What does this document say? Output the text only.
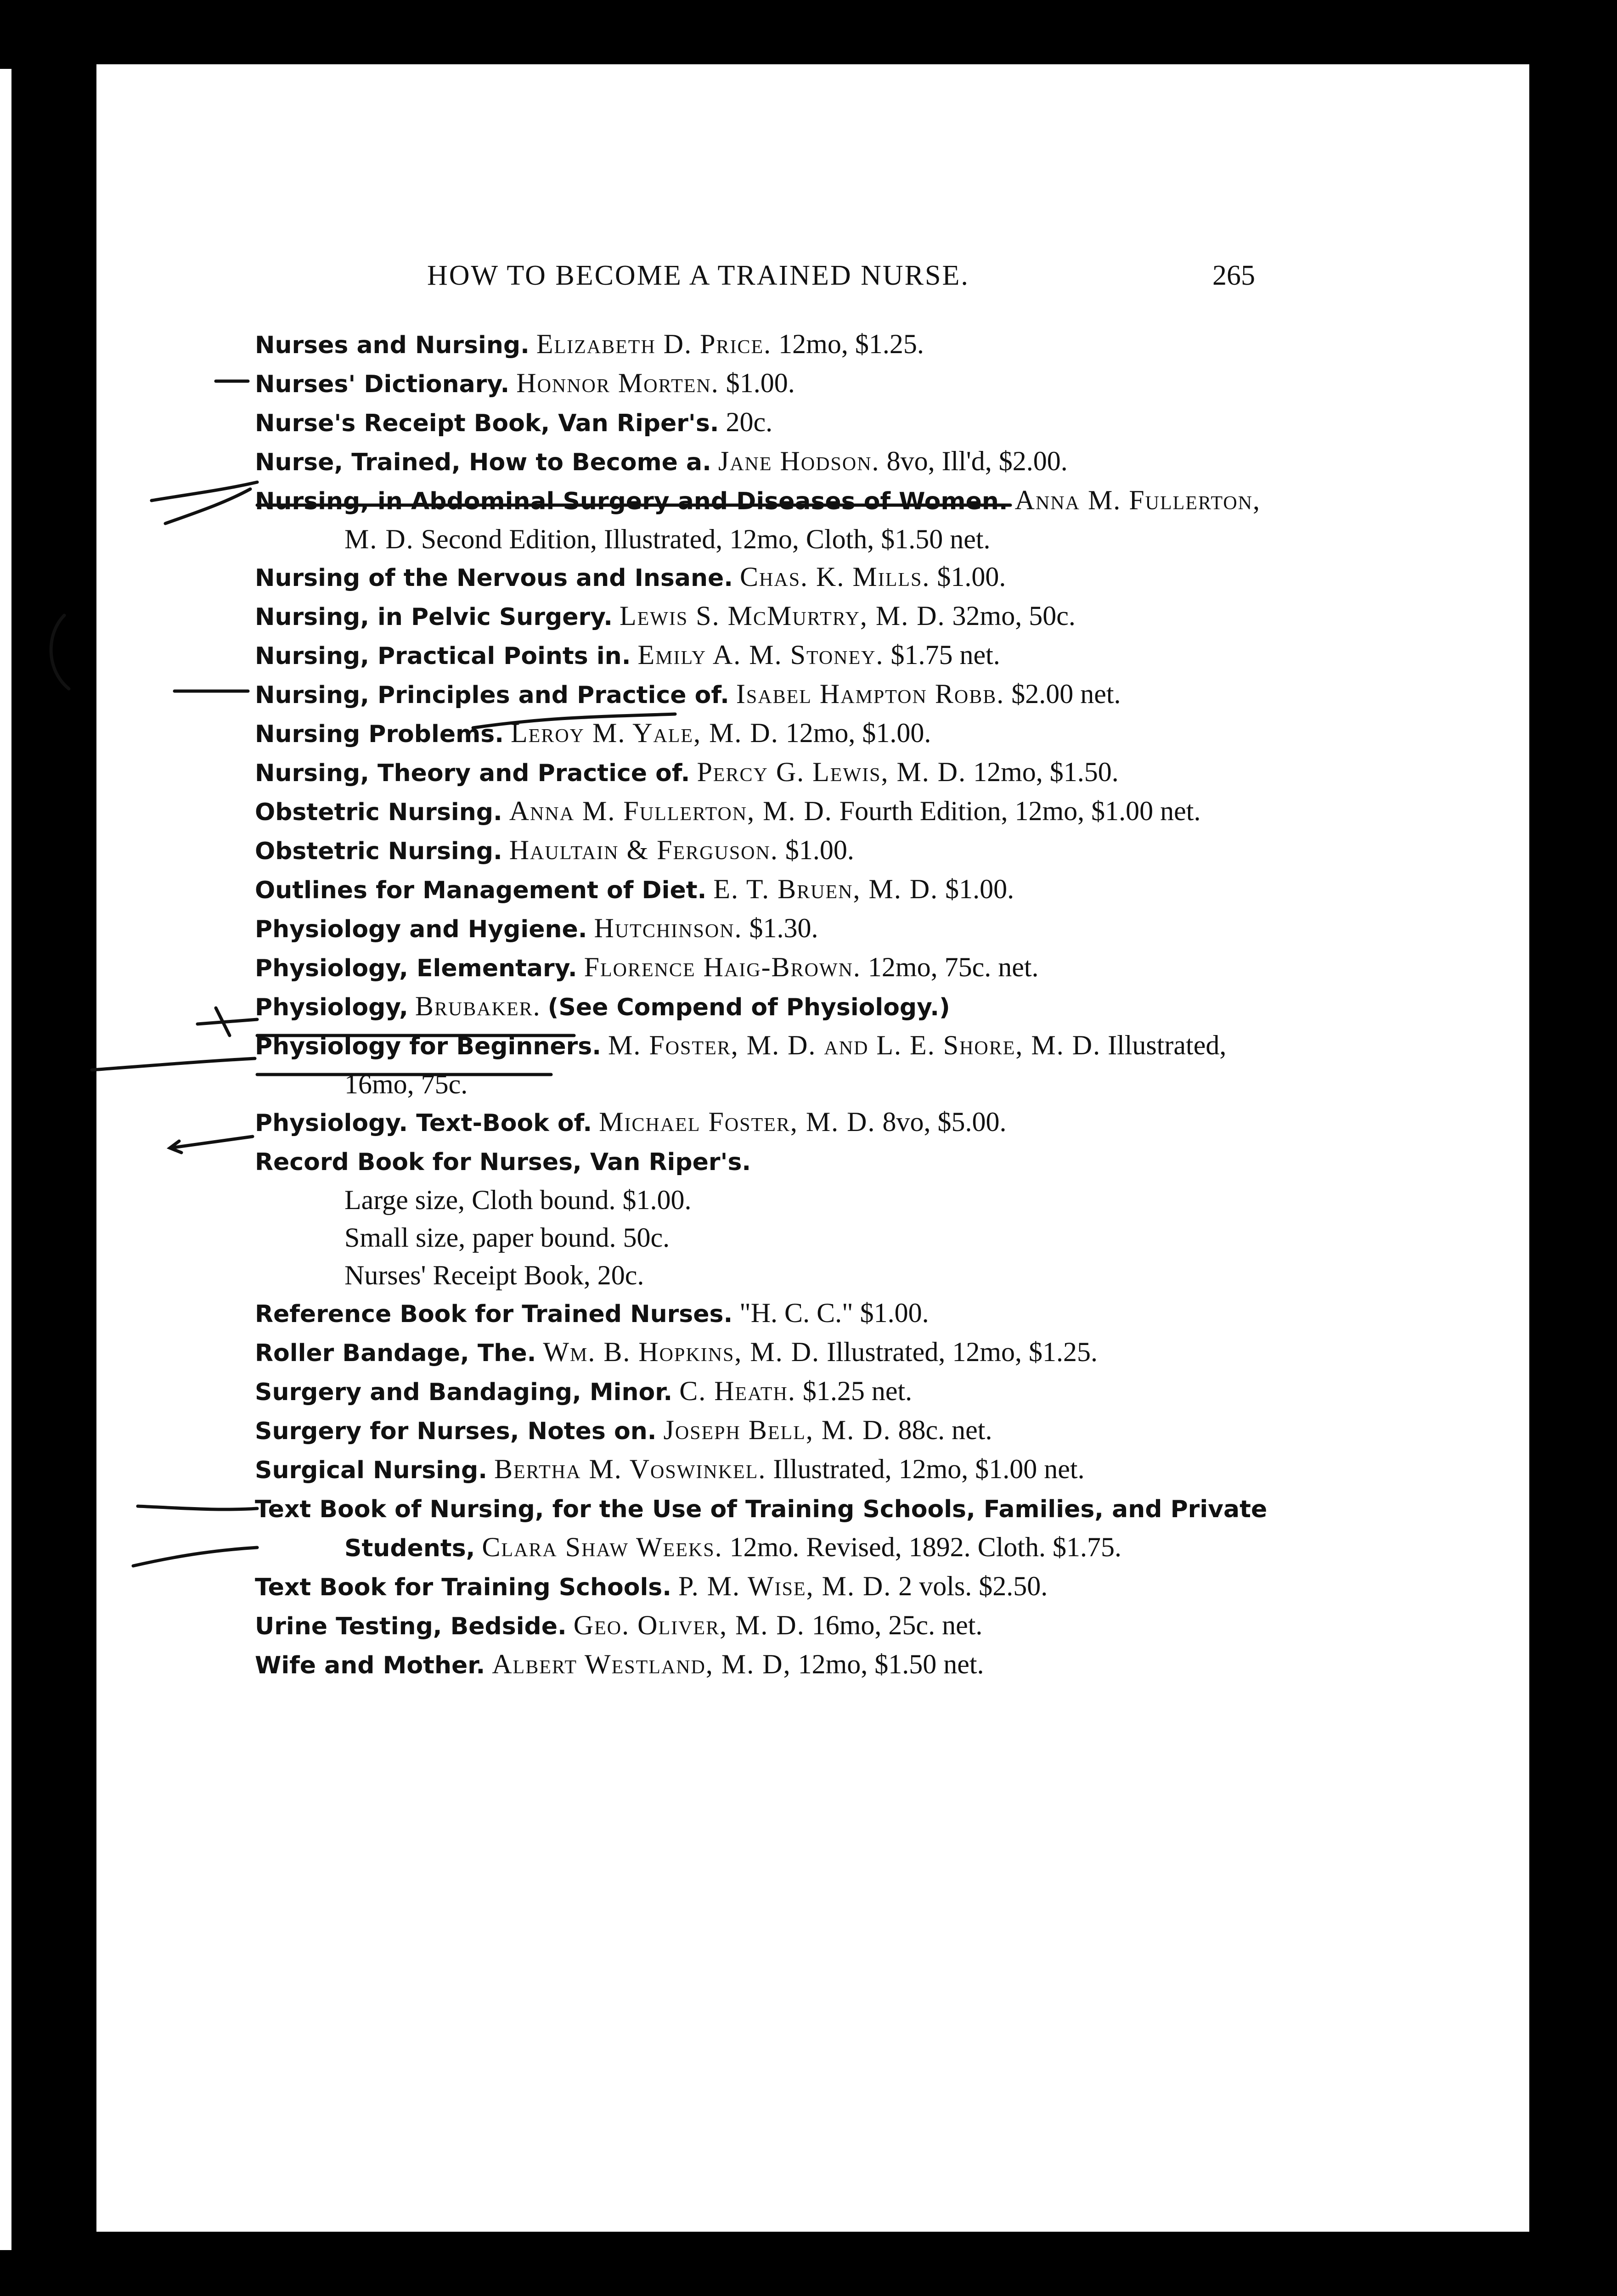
HOW TO BECOME A TRAINED NURSE.	265
Nurses and Nursing. Elizabeth D. Price. 12mo, $1.25.
Nurses' Dictionary. Honnor Morten. $1.00.
Nurse's Receipt Book, Van Riper's. 20c.
Nurse, Trained, How to Become a. Jane Hodson. 8vo, Ill'd, $2.00.
Nursing, in Abdominal Surgery and Diseases of Women. Anna M. Fullerton, M. D. Second Edition, Illustrated, 12mo, Cloth, $1.50 net.
Nursing of the Nervous and Insane. Chas. K. Mills. $1.00.
Nursing, in Pelvic Surgery. Lewis S. McMurtry, M. D. 32mo, 50c.
Nursing, Practical Points in. Emily A. M. Stoney. $1.75 net.
Nursing, Principles and Practice of. Isabel Hampton Robb. $2.00 net.
Nursing Problems. Leroy M. Yale, M. D. 12mo, $1.00.
Nursing, Theory and Practice of. Percy G. Lewis, M. D. 12mo, $1.50.
Obstetric Nursing. Anna M. Fullerton, M. D. Fourth Edition, 12mo, $1.00 net.
Obstetric Nursing. Haultain & Ferguson. $1.00.
Outlines for Management of Diet. E. T. Bruen, M. D. $1.00.
Physiology and Hygiene. Hutchinson. $1.30.
Physiology, Elementary. Florence Haig-Brown. 12mo, 75c. net.
Physiology, Brubaker. (See Compend of Physiology.)
Physiology for Beginners. M. Foster, M. D. and L. E. Shore, M. D. Illustrated, 16mo, 75c.
Physiology. Text-Book of. Michael Foster, M. D. 8vo, $5.00.
Record Book for Nurses, Van Riper's.
Large size, Cloth bound. $1.00.
Small size, paper bound. 50c.
Nurses' Receipt Book, 20c.
Reference Book for Trained Nurses. "H. C. C." $1.00.
Roller Bandage, The. Wm. B. Hopkins, M. D. Illustrated, 12mo, $1.25.
Surgery and Bandaging, Minor. C. Heath. $1.25 net.
Surgery for Nurses, Notes on. Joseph Bell, M. D. 88c. net.
Surgical Nursing. Bertha M. Voswinkel. Illustrated, 12mo, $1.00 net.
Text Book of Nursing, for the Use of Training Schools, Families, and Private Students, Clara Shaw Weeks. 12mo. Revised, 1892. Cloth. $1.75.
Text Book for Training Schools. P. M. Wise, M. D. 2 vols. $2.50.
Urine Testing, Bedside. Geo. Oliver, M. D. 16mo, 25c. net.
Wife and Mother. Albert Westland, M. D, 12mo, $1.50 net.
